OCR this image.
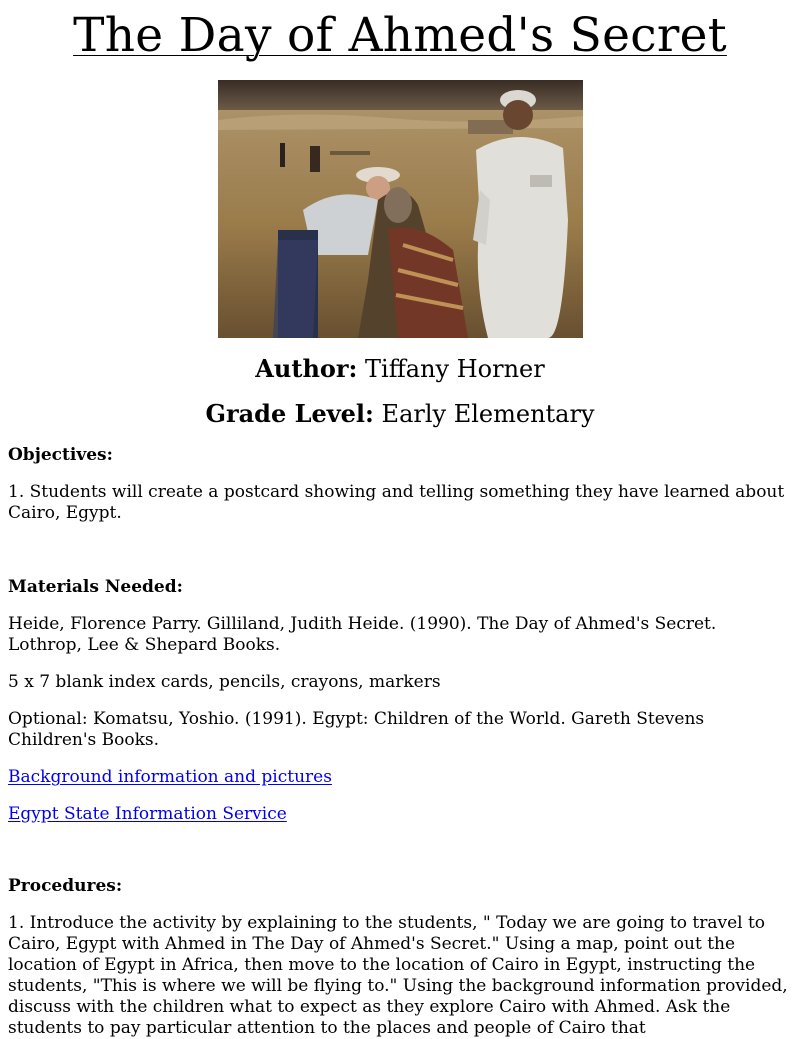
The Day of Ahmed's Secret

Author: Tiffany Horner

Grade Level: Early Elementary

Objectives:

1. Students will create a postcard showing and telling something they have learned about Cairo, Egypt.

Materials Needed:

Heide, Florence Parry. Gilliland, Judith Heide. (1990). The Day of Ahmed's Secret. Lothrop, Lee & Shepard Books.

5 x 7 blank index cards, pencils, crayons, markers

Optional: Komatsu, Yoshio. (1991). Egypt: Children of the World. Gareth Stevens Children's Books.

Background information and pictures

Egypt State Information Service

Procedures:

1. Introduce the activity by explaining to the students, " Today we are going to travel to Cairo, Egypt with Ahmed in The Day of Ahmed's Secret." Using a map, point out the location of Egypt in Africa, then move to the location of Cairo in Egypt, instructing the students, "This is where we will be flying to." Using the background information provided, discuss with the children what to expect as they explore Cairo with Ahmed. Ask the students to pay particular attention to the places and people of Cairo that
